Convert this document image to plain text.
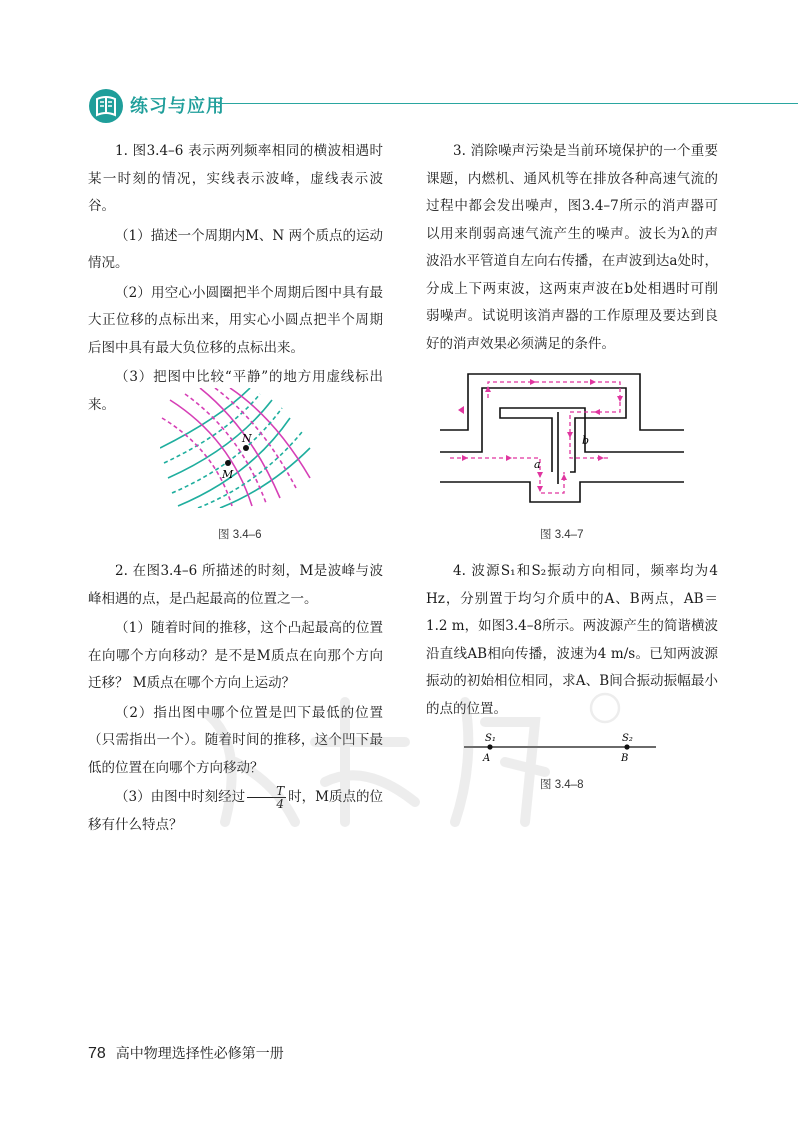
练习与应用

1. 图3.4–6 表示两列频率相同的横波相遇时某一时刻的情况，实线表示波峰，虚线表示波谷。

（1）描述一个周期内M、N 两个质点的运动情况。

（2）用空心小圆圈把半个周期后图中具有最大正位移的点标出来，用实心小圆点把半个周期后图中具有最大负位移的点标出来。

（3）把图中比较“平静”的地方用虚线标出来。

N
M
图 3.4–6

2. 在图3.4–6 所描述的时刻，M是波峰与波峰相遇的点，是凸起最高的位置之一。

（1）随着时间的推移，这个凸起最高的位置在向哪个方向移动？是不是M质点在向那个方向迁移？ M质点在哪个方向上运动？

（2）指出图中哪个位置是凹下最低的位置（只需指出一个）。随着时间的推移，这个凹下最低的位置在向哪个方向移动？

（3）由图中时刻经过 $\frac{T}{4}$ 时，M质点的位移有什么特点？

3. 消除噪声污染是当前环境保护的一个重要课题，内燃机、通风机等在排放各种高速气流的过程中都会发出噪声，图3.4–7所示的消声器可以用来削弱高速气流产生的噪声。波长为λ的声波沿水平管道自左向右传播，在声波到达a处时，分成上下两束波，这两束声波在b处相遇时可削弱噪声。试说明该消声器的工作原理及要达到良好的消声效果必须满足的条件。

b
a
图 3.4–7

4. 波源S₁和S₂振动方向相同，频率均为4 Hz，分别置于均匀介质中的A、B两点，AB＝1.2 m，如图3.4–8所示。两波源产生的简谐横波沿直线AB相向传播，波速为4 m/s。已知两波源振动的初始相位相同，求A、B间合振动振幅最小的点的位置。

S₁	S₂
A	B
图 3.4–8
78 高中物理选择性必修第一册
